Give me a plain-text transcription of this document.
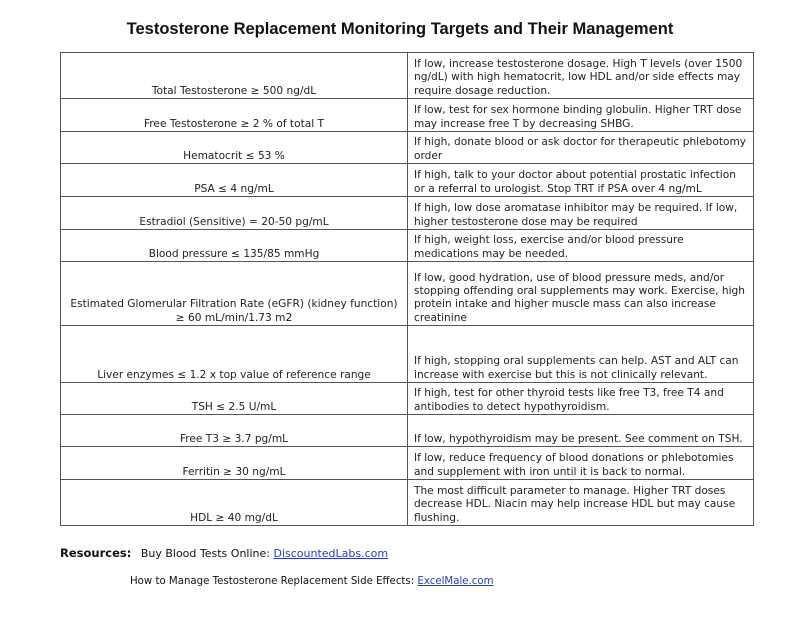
Testosterone Replacement Monitoring Targets and Their Management
Total Testosterone ≥ 500 ng/dL	If low, increase testosterone dosage. High T levels (over 1500 ng/dL) with high hematocrit, low HDL and/or side effects may require dosage reduction.
Free Testosterone ≥ 2 % of total T	If low, test for sex hormone binding globulin. Higher TRT dose may increase free T by decreasing SHBG.
Hematocrit ≤ 53 %	If high, donate blood or ask doctor for therapeutic phlebotomy order
PSA ≤ 4 ng/mL	If high, talk to your doctor about potential prostatic infection or a referral to urologist. Stop TRT if PSA over 4 ng/mL
Estradiol (Sensitive) = 20-50 pg/mL	If high, low dose aromatase inhibitor may be required. If low, higher testosterone dose may be required
Blood pressure ≤ 135/85 mmHg	If high, weight loss, exercise and/or blood pressure medications may be needed.
Estimated Glomerular Filtration Rate (eGFR) (kidney function) ≥ 60 mL/min/1.73 m2	If low, good hydration, use of blood pressure meds, and/or stopping offending oral supplements may work. Exercise, high protein intake and higher muscle mass can also increase creatinine
Liver enzymes ≤ 1.2 x top value of reference range	If high, stopping oral supplements can help. AST and ALT can increase with exercise but this is not clinically relevant.
TSH ≤ 2.5 U/mL	If high, test for other thyroid tests like free T3, free T4 and antibodies to detect hypothyroidism.
Free T3 ≥ 3.7 pg/mL	If low, hypothyroidism may be present. See comment on TSH.
Ferritin ≥ 30 ng/mL	If low, reduce frequency of blood donations or phlebotomies and supplement with iron until it is back to normal.
HDL ≥ 40 mg/dL	The most difficult parameter to manage. Higher TRT doses decrease HDL. Niacin may help increase HDL but may cause flushing.
Resources: Buy Blood Tests Online: DiscountedLabs.com
How to Manage Testosterone Replacement Side Effects: ExcelMale.com
